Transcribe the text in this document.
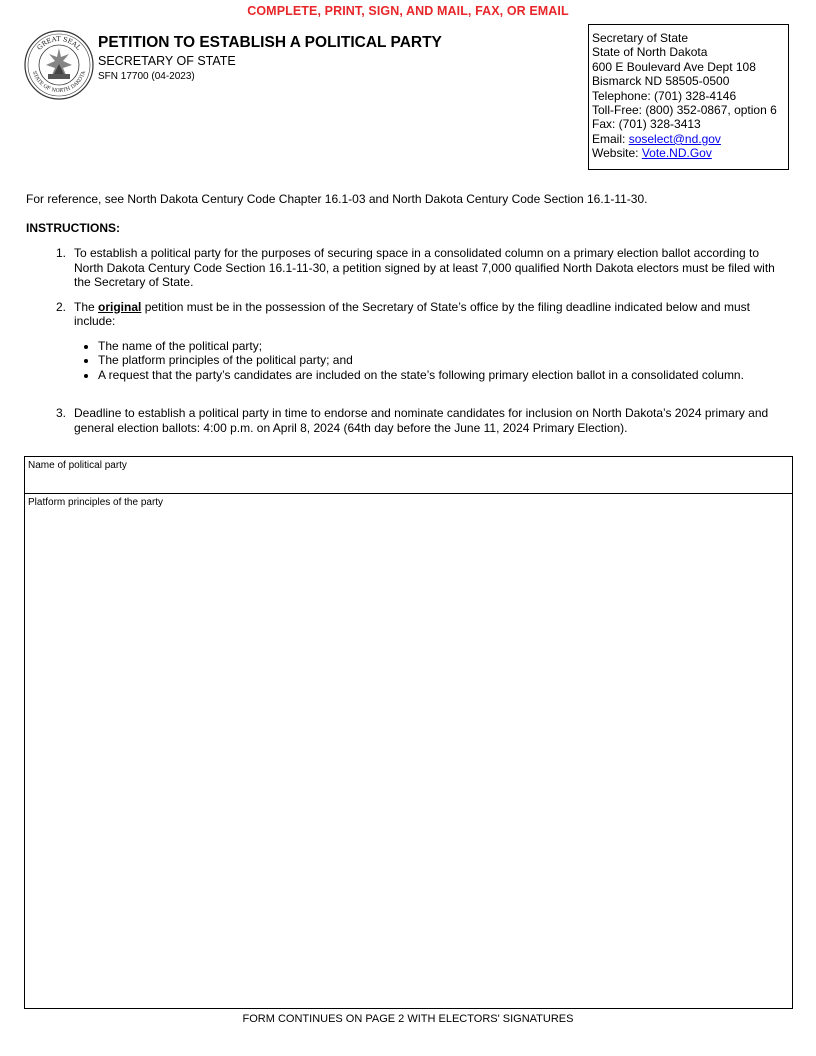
COMPLETE, PRINT, SIGN, AND MAIL, FAX, OR EMAIL
GREAT SEAL
STATE OF NORTH DAKOTA
PETITION TO ESTABLISH A POLITICAL PARTY
SECRETARY OF STATE
SFN 17700 (04-2023)
Secretary of State
State of North Dakota
600 E Boulevard Ave Dept 108
Bismarck ND 58505-0500
Telephone: (701) 328-4146
Toll-Free: (800) 352-0867, option 6
Fax: (701) 328-3413
Email: soselect@nd.gov
Website: Vote.ND.Gov
For reference, see North Dakota Century Code Chapter 16.1-03 and North Dakota Century Code Section 16.1-11-30.
INSTRUCTIONS:
1. To establish a political party for the purposes of securing space in a consolidated column on a primary election ballot according to North Dakota Century Code Section 16.1-11-30, a petition signed by at least 7,000 qualified North Dakota electors must be filed with the Secretary of State.
2. The original petition must be in the possession of the Secretary of State’s office by the filing deadline indicated below and must include:
• The name of the political party;
• The platform principles of the political party; and
• A request that the party’s candidates are included on the state’s following primary election ballot in a consolidated column.
3. Deadline to establish a political party in time to endorse and nominate candidates for inclusion on North Dakota’s 2024 primary and general election ballots: 4:00 p.m. on April 8, 2024 (64th day before the June 11, 2024 Primary Election).
Name of political party
Platform principles of the party
FORM CONTINUES ON PAGE 2 WITH ELECTORS' SIGNATURES
